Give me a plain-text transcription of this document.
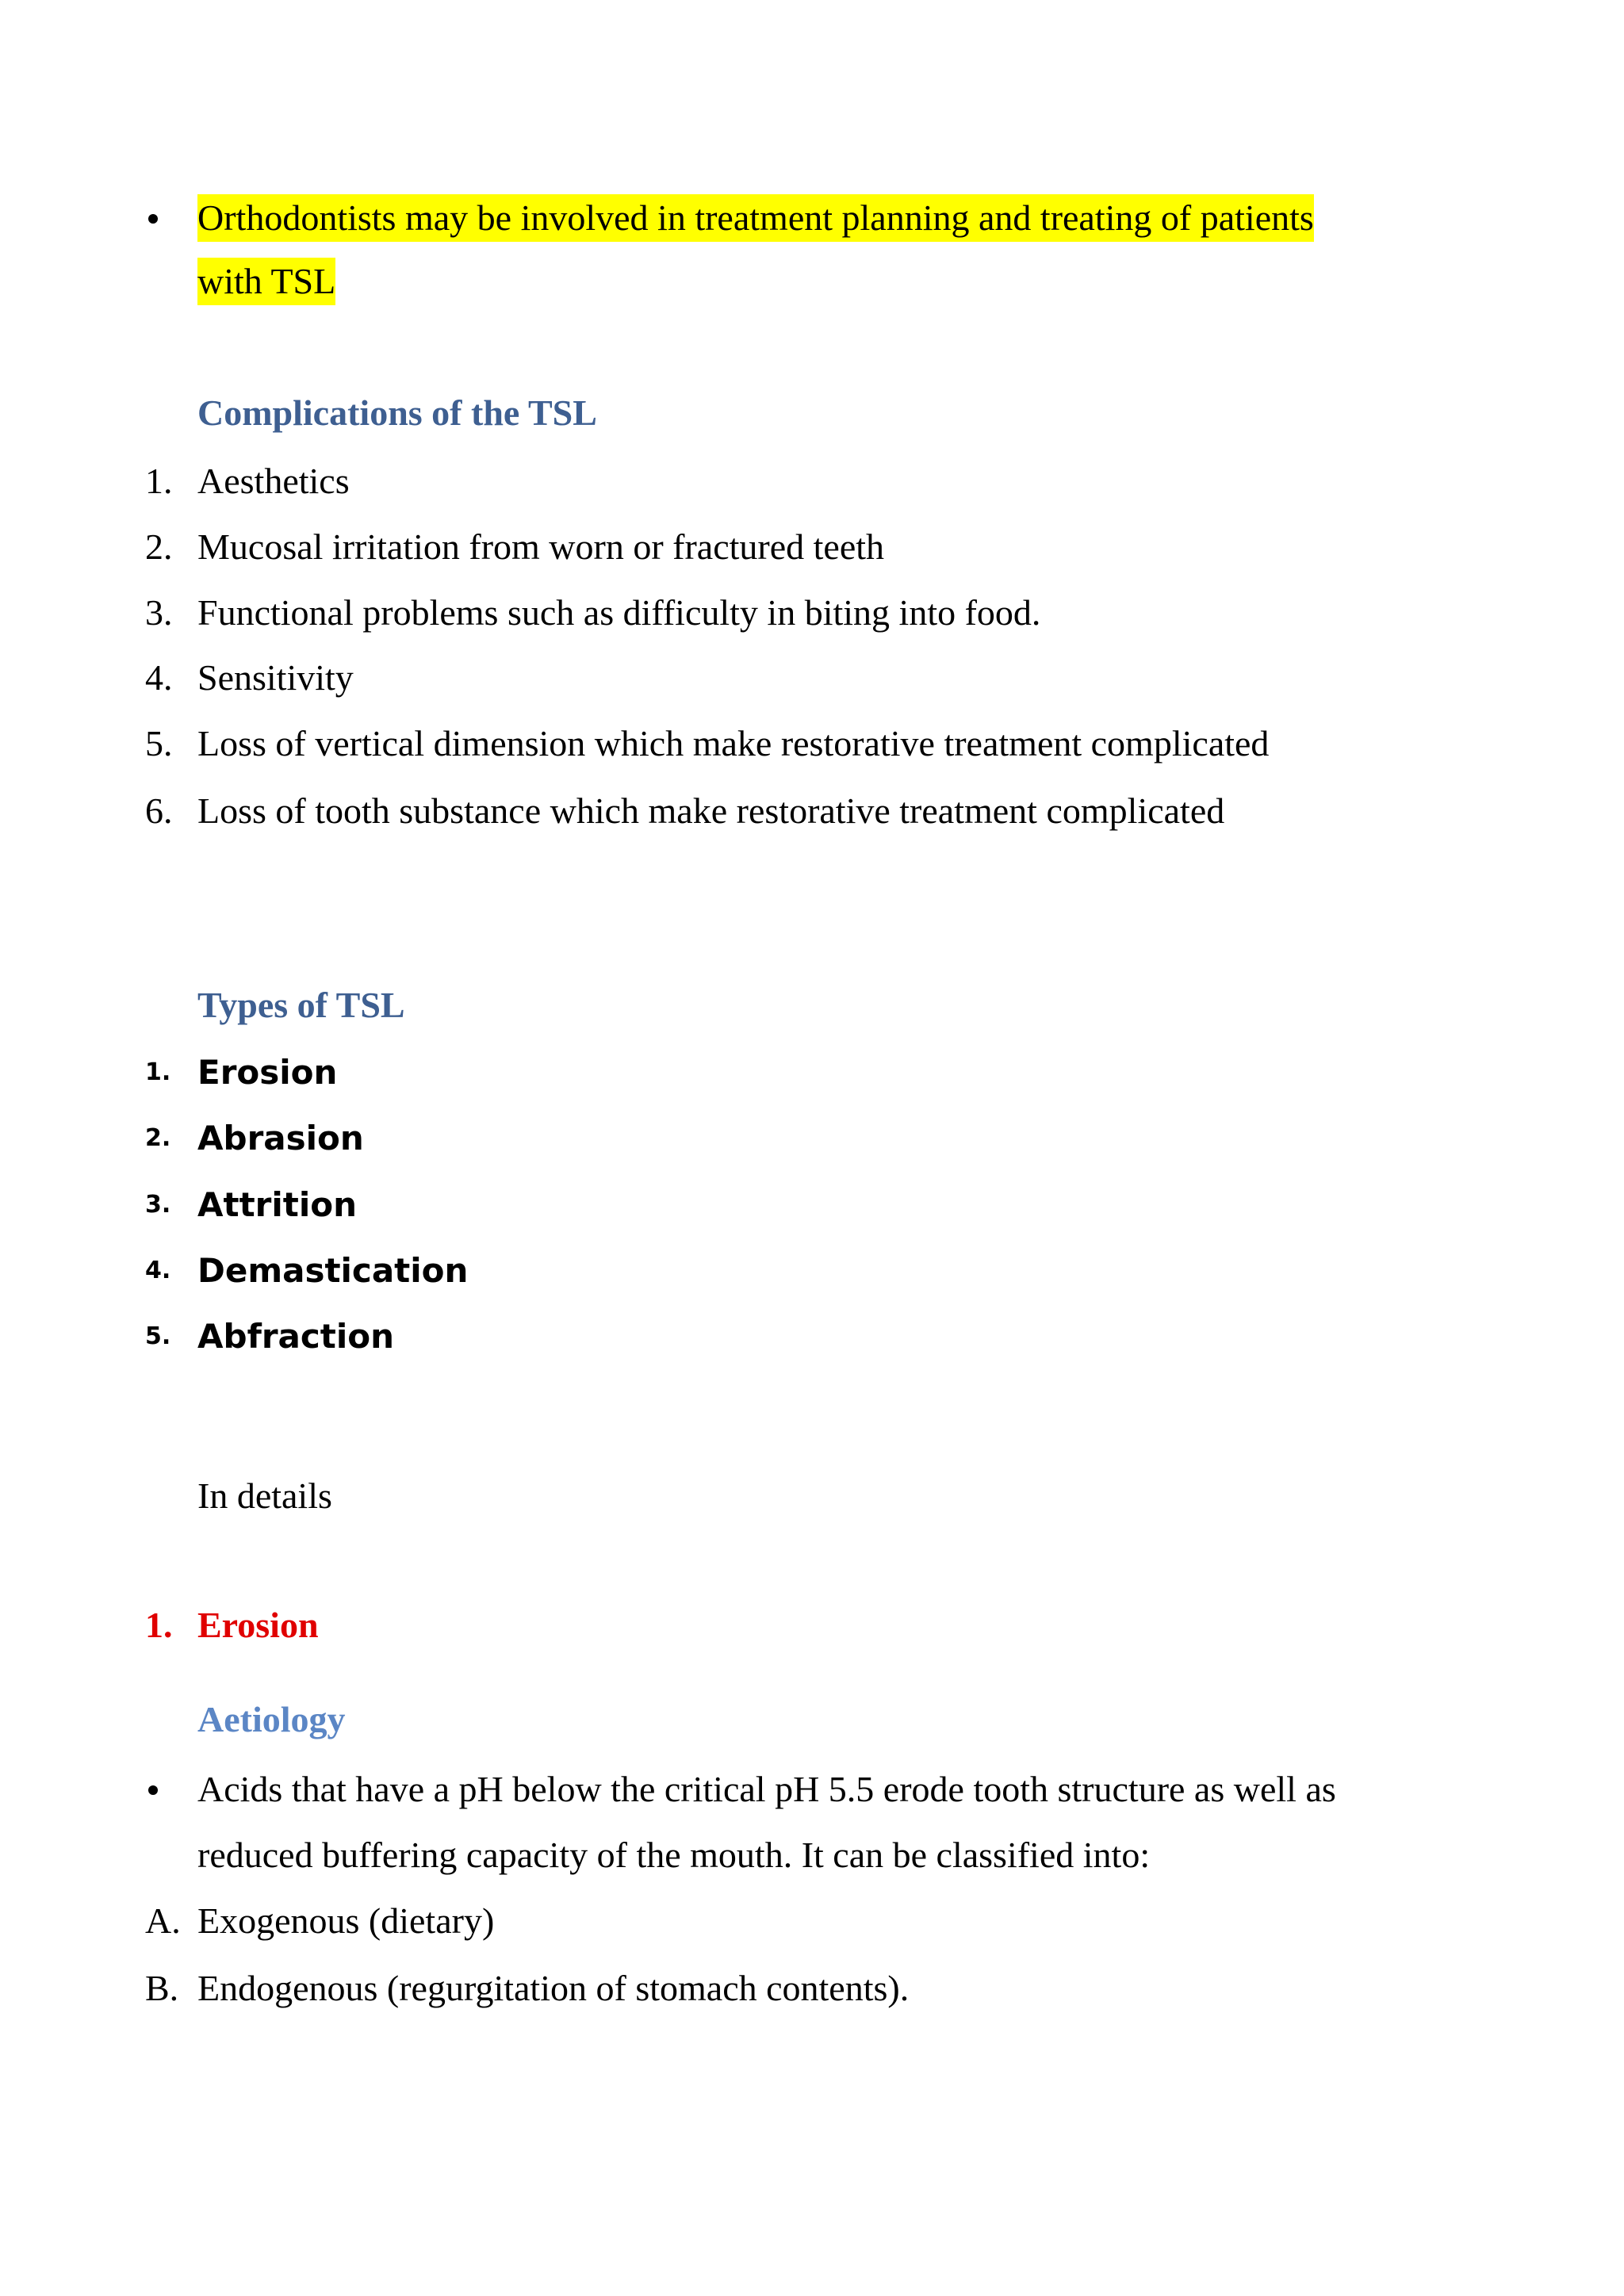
Orthodontists may be involved in treatment planning and treating of patients
with TSL
Complications of the TSL
1. Aesthetics
2. Mucosal irritation from worn or fractured teeth
3. Functional problems such as difficulty in biting into food.
4. Sensitivity
5. Loss of vertical dimension which make restorative treatment complicated
6. Loss of tooth substance which make restorative treatment complicated
Types of TSL
1. Erosion
2. Abrasion
3. Attrition
4. Demastication
5. Abfraction
In details
1. Erosion
Aetiology
Acids that have a pH below the critical pH 5.5 erode tooth structure as well as
reduced buffering capacity of the mouth. It can be classified into:
A. Exogenous (dietary)
B. Endogenous (regurgitation of stomach contents).
